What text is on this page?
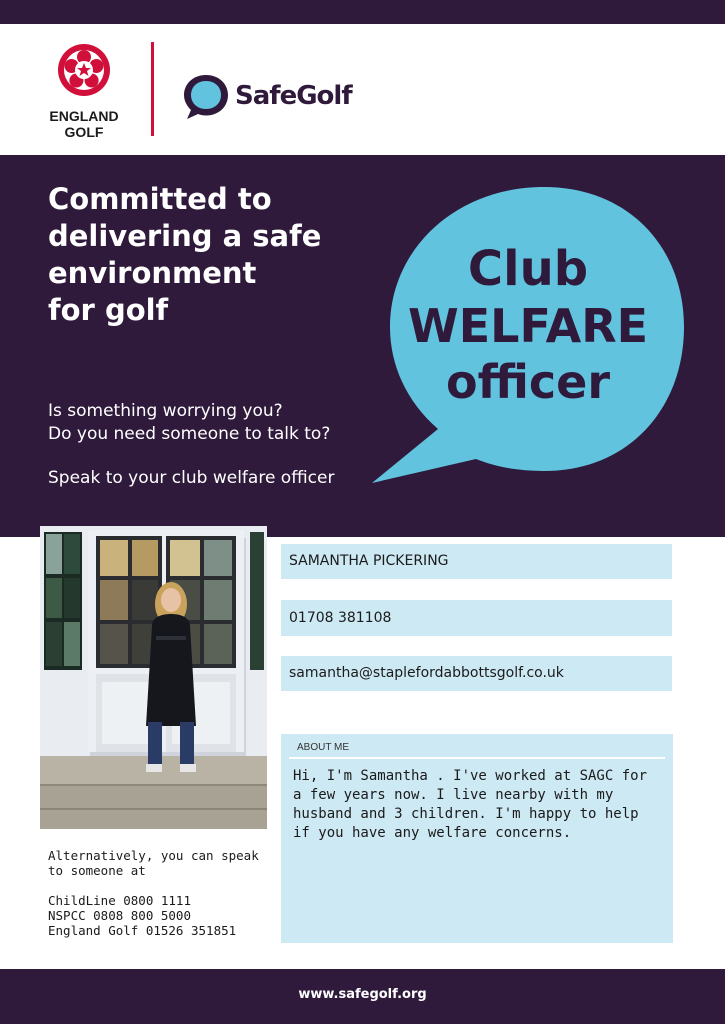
ENGLAND
GOLF
SafeGolf
Committed to
delivering a safe
environment
for golf
Is something worrying you?
Do you need someone to talk to?
Speak to your club welfare officer
Club
WELFARE
officer
SAMANTHA PICKERING
01708 381108
samantha@staplefordabbottsgolf.co.uk
ABOUT ME
Hi, I'm Samantha . I've worked at SAGC for a few years now. I live nearby with my husband and 3 children. I'm happy to help if you have any welfare concerns.
Alternatively, you can speak
to someone at
ChildLine 0800 1111
NSPCC 0808 800 5000
England Golf 01526 351851
www.safegolf.org
